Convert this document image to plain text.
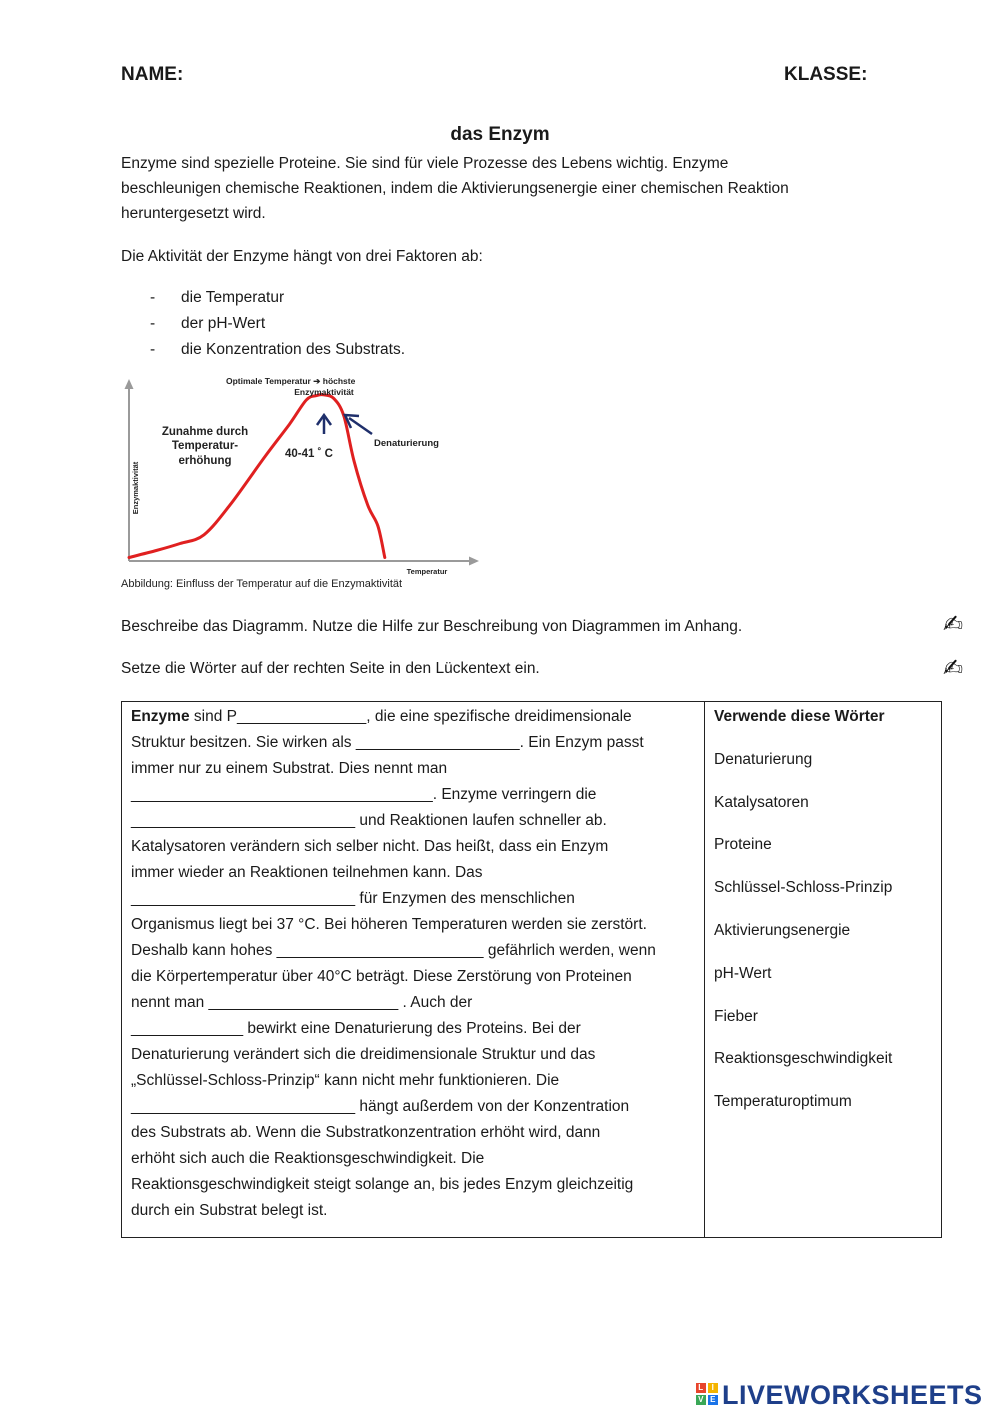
NAME:	KLASSE:
das Enzym
Enzyme sind spezielle Proteine. Sie sind für viele Prozesse des Lebens wichtig. Enzyme
beschleunigen chemische Reaktionen, indem die Aktivierungsenergie einer chemischen Reaktion
heruntergesetzt wird.
Die Aktivität der Enzyme hängt von drei Faktoren ab:
- die Temperatur
- der pH-Wert
- die Konzentration des Substrats.
Optimale Temperatur ➔ höchste
Enzymaktivität
Zunahme durch
Temperatur-
erhöhung
40-41 ˚ C
Denaturierung
Enzymaktivität
Temperatur
Abbildung: Einfluss der Temperatur auf die Enzymaktivität
Beschreibe das Diagramm. Nutze die Hilfe zur Beschreibung von Diagrammen im Anhang.	✍
Setze die Wörter auf der rechten Seite in den Lückentext ein.	✍

Enzyme sind P_______________, die eine spezifische dreidimensionale

Struktur besitzen. Sie wirken als ___________________. Ein Enzym passt

immer nur zu einem Substrat. Dies nennt man

___________________________________. Enzyme verringern die

__________________________ und Reaktionen laufen schneller ab.

Katalysatoren verändern sich selber nicht. Das heißt, dass ein Enzym

immer wieder an Reaktionen teilnehmen kann. Das

__________________________ für Enzymen des menschlichen

Organismus liegt bei 37 °C. Bei höheren Temperaturen werden sie zerstört.

Deshalb kann hohes ________________________ gefährlich werden, wenn

die Körpertemperatur über 40°C beträgt. Diese Zerstörung von Proteinen

nennt man ______________________ . Auch der

_____________ bewirkt eine Denaturierung des Proteins. Bei der

Denaturierung verändert sich die dreidimensionale Struktur und das

„Schlüssel-Schloss-Prinzip“ kann nicht mehr funktionieren. Die

__________________________ hängt außerdem von der Konzentration

des Substrats ab. Wenn die Substratkonzentration erhöht wird, dann

erhöht sich auch die Reaktionsgeschwindigkeit. Die

Reaktionsgeschwindigkeit steigt solange an, bis jedes Enzym gleichzeitig

durch ein Substrat belegt ist.

Verwende diese Wörter
Denaturierung
Katalysatoren
Proteine
Schlüssel-Schloss-Prinzip
Aktivierungsenergie
pH-Wert
Fieber
Reaktionsgeschwindigkeit
Temperaturoptimum
L I
V E LIVEWORKSHEETS
